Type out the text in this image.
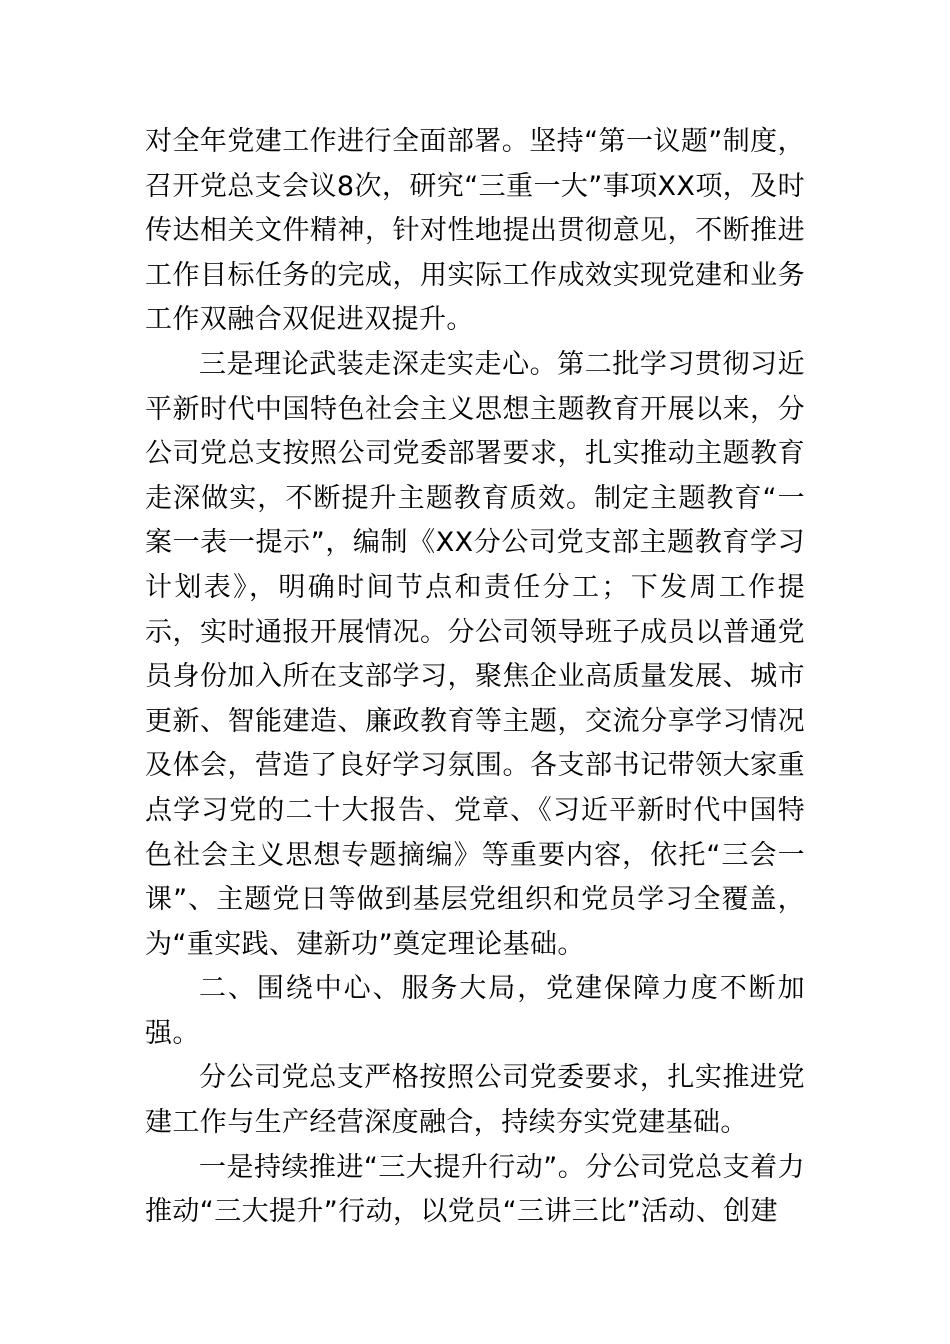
对全年党建工作进行全面部署。坚持“第一议题”制度，召开党总支会议8次，研究“三重一大”事项XX项，及时传达相关文件精神，针对性地提出贯彻意见，不断推进工作目标任务的完成，用实际工作成效实现党建和业务工作双融合双促进双提升。

三是理论武装走深走实走心。第二批学习贯彻习近平新时代中国特色社会主义思想主题教育开展以来，分公司党总支按照公司党委部署要求，扎实推动主题教育走深做实，不断提升主题教育质效。制定主题教育“一案一表一提示”，编制《XX分公司党支部主题教育学习计划表》，明确时间节点和责任分工；下发周工作提示，实时通报开展情况。分公司领导班子成员以普通党员身份加入所在支部学习，聚焦企业高质量发展、城市更新、智能建造、廉政教育等主题，交流分享学习情况及体会，营造了良好学习氛围。各支部书记带领大家重点学习党的二十大报告、党章、《习近平新时代中国特色社会主义思想专题摘编》等重要内容，依托“三会一课”、主题党日等做到基层党组织和党员学习全覆盖，为“重实践、建新功”奠定理论基础。

二、围绕中心、服务大局，党建保障力度不断加强。

分公司党总支严格按照公司党委要求，扎实推进党建工作与生产经营深度融合，持续夯实党建基础。

一是持续推进“三大提升行动”。分公司党总支着力推动“三大提升”行动，以党员“三讲三比”活动、创建
